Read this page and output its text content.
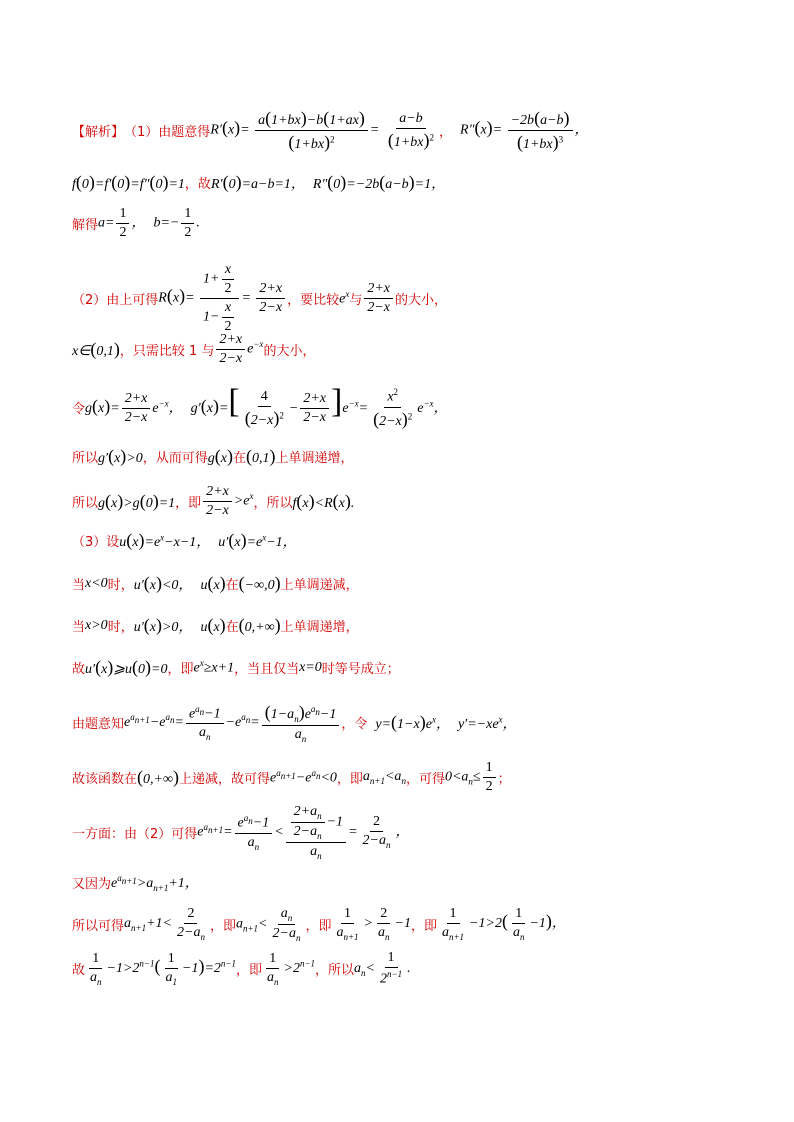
【解析】 （1） 由题意得 $R'(x)= \frac{a(1+bx)-b(1+ax)}{(1+bx)^2} = \frac{a-b}{(1+bx)^2}$ ， $R''(x)= \frac{-2b(a-b)}{(1+bx)^3}$ ，
f(0)=f′(0)=f″(0)=1 ，故 R′(0)=a−b=1， R″(0)=−2b(a−b)=1，
解得 $a= \frac{1}{2}$ ， $b=- \frac{1}{2}$ .
（2）由上可得 $R(x)= \frac{1+ \frac{x}{2}}{1- \frac{x}{2}} = \frac{2+x}{2-x}$ ，要比较 $e^x$ 与 $\frac{2+x}{2-x}$ 的大小，
x∈(0,1) ，只需比较 1 与 $\frac{2+x}{2-x} e^{-x}$ 的大小，
令 $g(x)= \frac{2+x}{2-x} e^{-x}$， $g'(x)=[ \frac{4}{(2-x)^2} - \frac{2+x}{2-x} ]e^{-x}= \frac{x^2}{(2-x)^2} e^{-x}$，
所以 g′(x)>0 ，从而可得 g(x) 在 (0,1) 上单调递增，
所以 g(x)>g(0)=1 ，即 $\frac{2+x}{2-x} >e^x$ ，所以 f(x)<R(x).
（3）设 $u(x)=e^x-x-1$， $u'(x)=e^x-1$，
当 x<0 时， u′(x)<0， u(x) 在 (−∞,0) 上单调递减，
当 x>0 时， u′(x)>0， u(x) 在 (0,+∞) 上单调递增，
故 u′(x)⩾u(0)=0 ，即 $e^x\ge x+1$ ，当且仅当 x=0 时等号成立；
由题意知 $e^{a_{n+1}}-e^{a_n}= \frac{e^{a_n}-1}{a_n} -e^{a_n}= \frac{(1-a_n)e^{a_n}-1}{a_n}$ ，令 $y=(1-x)e^x$， $y'=-xe^x$，
故该函数在 (0,+∞) 上递减，故可得 $e^{a_{n+1}}-e^{a_n}<0$ ，即 $a_{n+1}<a_n$ ，可得 $0<a_n\le \frac{1}{2}$ ；
一方面：由（2）可得 $e^{a_{n+1}}= \frac{e^{a_n}-1}{a_n} < \frac{\frac{2+a_n}{2-a_n} -1}{a_n} = \frac{2}{2-a_n}$ ，
又因为 $e^{a_{n+1}}>a_{n+1}+1$，
所以可得 $a_{n+1}+1< \frac{2}{2-a_n}$ ，即 $a_{n+1}< \frac{a_n}{2-a_n}$ ，即 $\frac{1}{a_{n+1}} > \frac{2}{a_n} -1$ ，即 $\frac{1}{a_{n+1}} -1>2( \frac{1}{a_n} -1)$，
故 $\frac{1}{a_n} -1>2^{n-1}( \frac{1}{a_1} -1)=2^{n-1}$ ，即 $\frac{1}{a_n} >2^{n-1}$ ，所以 $a_n< \frac{1}{2^{n-1}}$ .
